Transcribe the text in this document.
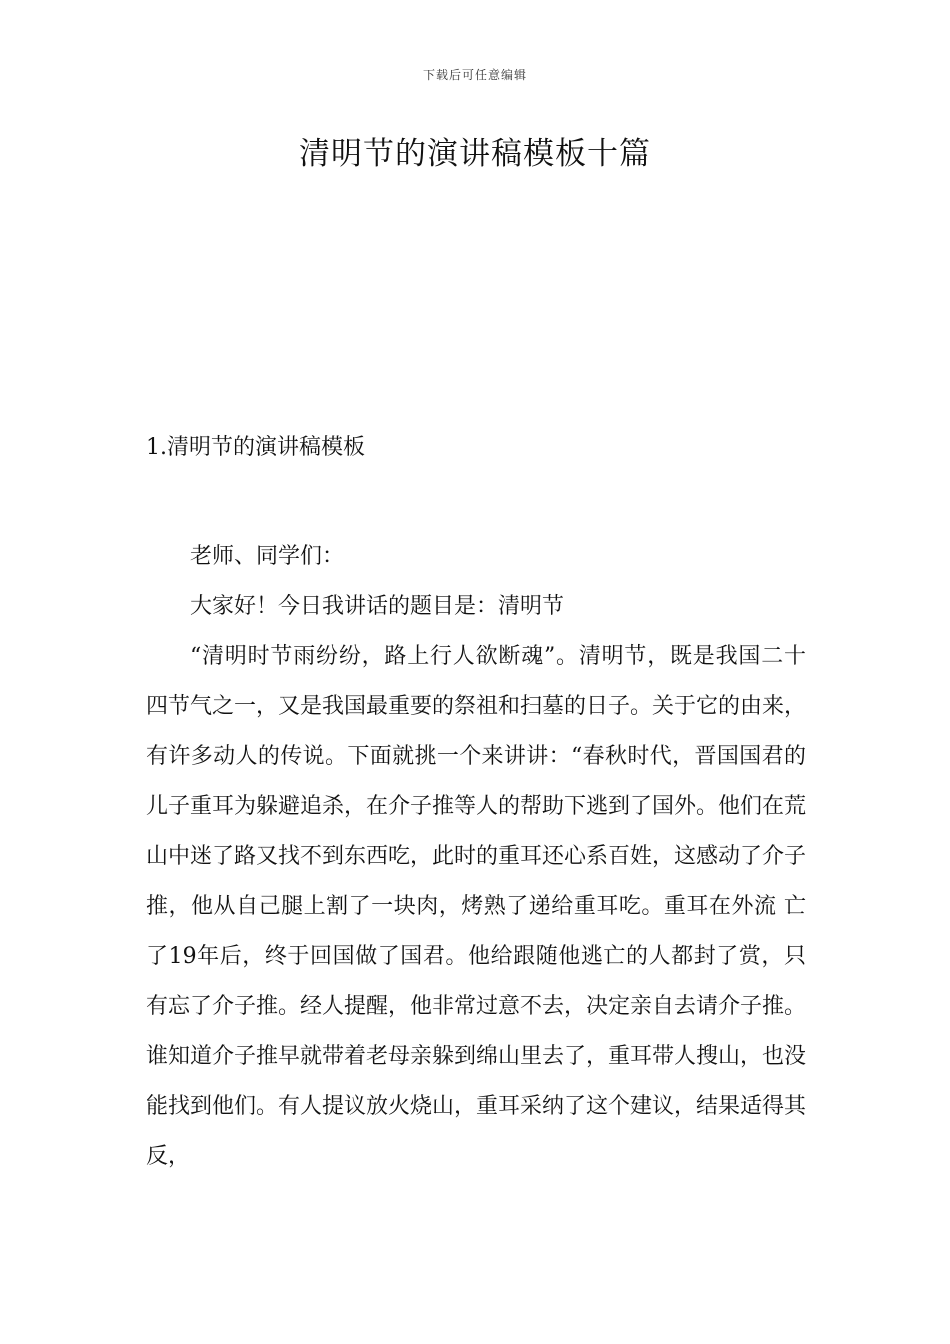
下载后可任意编辑
清明节的演讲稿模板十篇
1.清明节的演讲稿模板

老师、同学们：

大家好！今日我讲话的题目是：清明节

“清明时节雨纷纷，路上行人欲断魂”。清明节，既是我国二十四节气之一，又是我国最重要的祭祖和扫墓的日子。关于它的由来，有许多动人的传说。下面就挑一个来讲讲：“春秋时代，晋国国君的儿子重耳为躲避追杀，在介子推等人的帮助下逃到了国外。他们在荒山中迷了路又找不到东西吃，此时的重耳还心系百姓，这感动了介子推，他从自己腿上割了一块肉，烤熟了递给重耳吃。重耳在外流 亡了19年后，终于回国做了国君。他给跟随他逃亡的人都封了赏，只有忘了介子推。经人提醒，他非常过意不去，决定亲自去请介子推。谁知道介子推早就带着老母亲躲到绵山里去了，重耳带人搜山，也没能找到他们。有人提议放火烧山，重耳采纳了这个建议，结果适得其反，
